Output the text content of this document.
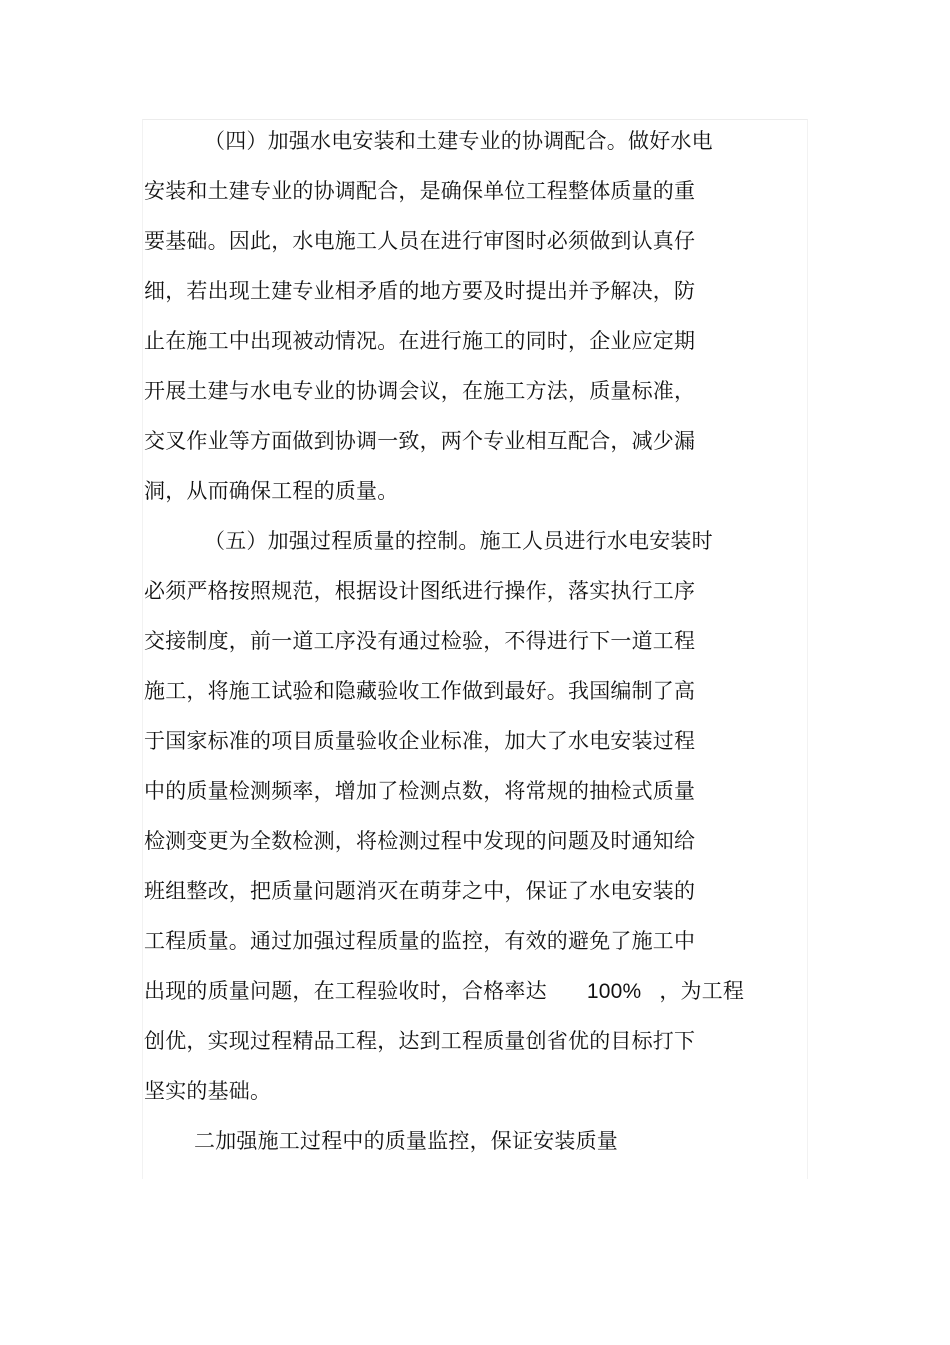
（四）加强水电安装和土建专业的协调配合。做好水电
安装和土建专业的协调配合，是确保单位工程整体质量的重
要基础。因此，水电施工人员在进行审图时必须做到认真仔
细，若出现土建专业相矛盾的地方要及时提出并予解决，防
止在施工中出现被动情况。在进行施工的同时，企业应定期
开展土建与水电专业的协调会议，在施工方法，质量标准，
交叉作业等方面做到协调一致，两个专业相互配合，减少漏
洞，从而确保工程的质量。
（五）加强过程质量的控制。施工人员进行水电安装时
必须严格按照规范，根据设计图纸进行操作，落实执行工序
交接制度，前一道工序没有通过检验，不得进行下一道工程
施工，将施工试验和隐藏验收工作做到最好。我国编制了高
于国家标准的项目质量验收企业标准，加大了水电安装过程
中的质量检测频率，增加了检测点数，将常规的抽检式质量
检测变更为全数检测，将检测过程中发现的问题及时通知给
班组整改，把质量问题消灭在萌芽之中，保证了水电安装的
工程质量。通过加强过程质量的监控，有效的避免了施工中
出现的质量问题，在工程验收时，合格率达 100% ，为工程
创优，实现过程精品工程，达到工程质量创省优的目标打下
坚实的基础。
二加强施工过程中的质量监控，保证安装质量
